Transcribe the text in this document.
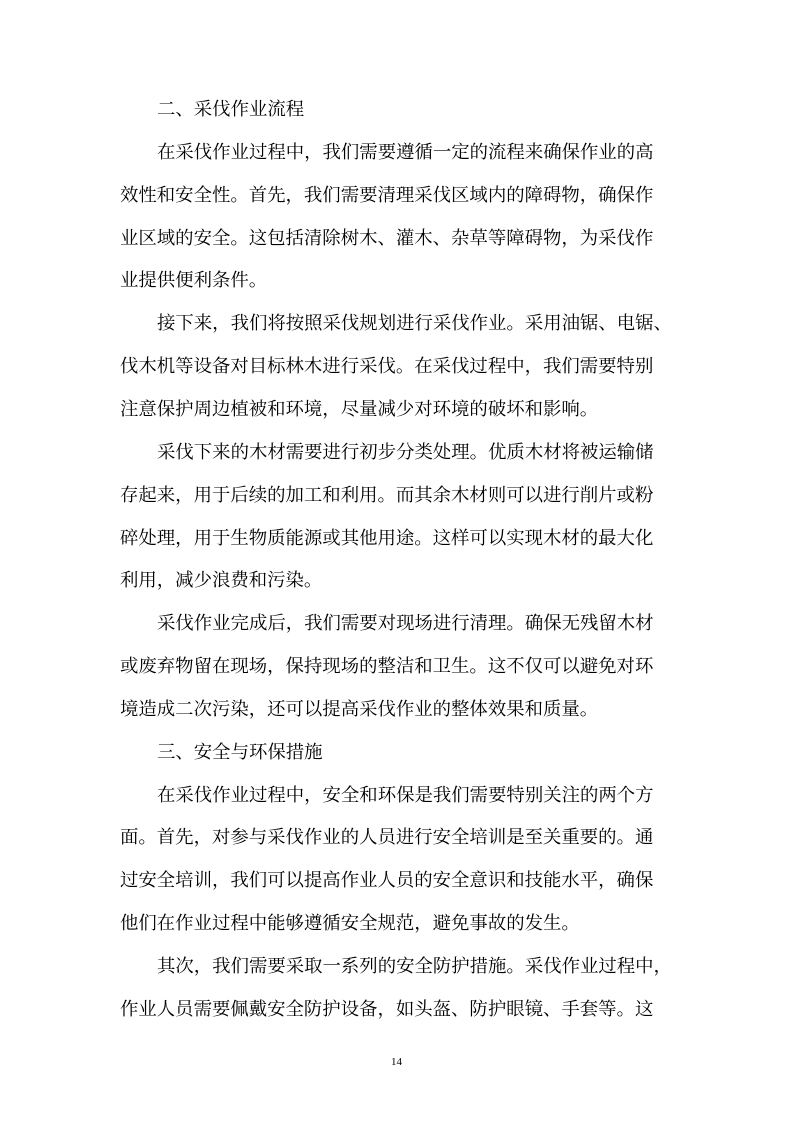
二、采伐作业流程
在采伐作业过程中，我们需要遵循一定的流程来确保作业的高
效性和安全性。首先，我们需要清理采伐区域内的障碍物，确保作
业区域的安全。这包括清除树木、灌木、杂草等障碍物，为采伐作
业提供便利条件。
接下来，我们将按照采伐规划进行采伐作业。采用油锯、电锯、
伐木机等设备对目标林木进行采伐。在采伐过程中，我们需要特别
注意保护周边植被和环境，尽量减少对环境的破坏和影响。
采伐下来的木材需要进行初步分类处理。优质木材将被运输储
存起来，用于后续的加工和利用。而其余木材则可以进行削片或粉
碎处理，用于生物质能源或其他用途。这样可以实现木材的最大化
利用，减少浪费和污染。
采伐作业完成后，我们需要对现场进行清理。确保无残留木材
或废弃物留在现场，保持现场的整洁和卫生。这不仅可以避免对环
境造成二次污染，还可以提高采伐作业的整体效果和质量。
三、安全与环保措施
在采伐作业过程中，安全和环保是我们需要特别关注的两个方
面。首先，对参与采伐作业的人员进行安全培训是至关重要的。通
过安全培训，我们可以提高作业人员的安全意识和技能水平，确保
他们在作业过程中能够遵循安全规范，避免事故的发生。
其次，我们需要采取一系列的安全防护措施。采伐作业过程中，
作业人员需要佩戴安全防护设备，如头盔、防护眼镜、手套等。这
14
